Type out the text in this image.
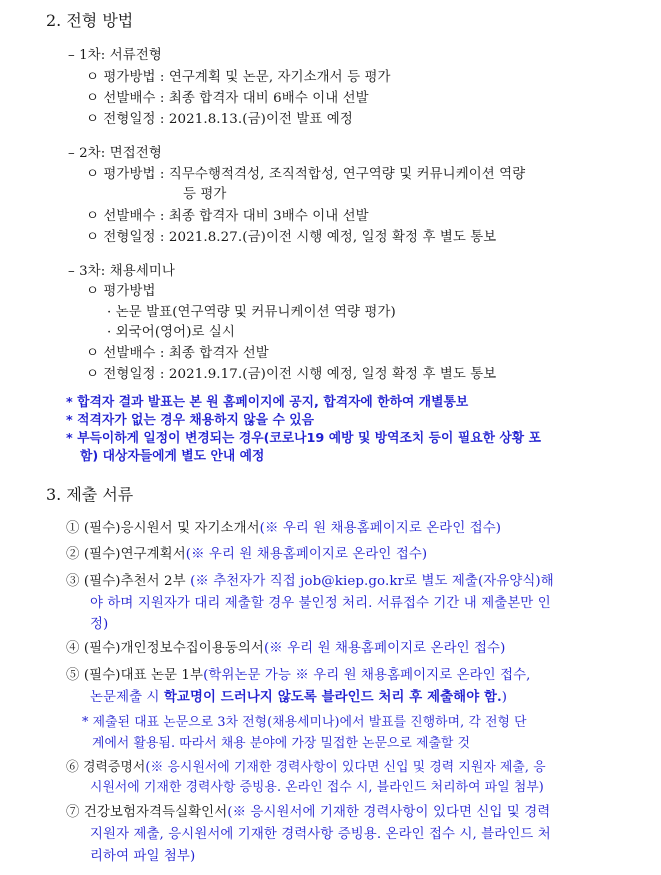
2. 전형 방법
– 1차: 서류전형
ㅇ 평가방법 : 연구계획 및 논문, 자기소개서 등 평가
ㅇ 선발배수 : 최종 합격자 대비 6배수 이내 선발
ㅇ 전형일정 : 2021.8.13.(금)이전 발표 예정
– 2차: 면접전형
ㅇ 평가방법 : 직무수행적격성, 조직적합성, 연구역량 및 커뮤니케이션 역량
등 평가
ㅇ 선발배수 : 최종 합격자 대비 3배수 이내 선발
ㅇ 전형일정 : 2021.8.27.(금)이전 시행 예정, 일정 확정 후 별도 통보
– 3차: 채용세미나
ㅇ 평가방법
· 논문 발표(연구역량 및 커뮤니케이션 역량 평가)
· 외국어(영어)로 실시
ㅇ 선발배수 : 최종 합격자 선발
ㅇ 전형일정 : 2021.9.17.(금)이전 시행 예정, 일정 확정 후 별도 통보
* 합격자 결과 발표는 본 원 홈페이지에 공지, 합격자에 한하여 개별통보
* 적격자가 없는 경우 채용하지 않을 수 있음
* 부득이하게 일정이 변경되는 경우(코로나19 예방 및 방역조치 등이 필요한 상황 포
함) 대상자들에게 별도 안내 예정
3. 제출 서류
① (필수)응시원서 및 자기소개서(※ 우리 원 채용홈페이지로 온라인 접수)
② (필수)연구계획서(※ 우리 원 채용홈페이지로 온라인 접수)
③ (필수)추천서 2부 (※ 추천자가 직접 job@kiep.go.kr로 별도 제출(자유양식)해
야 하며 지원자가 대리 제출할 경우 불인정 처리. 서류접수 기간 내 제출본만 인
정)
④ (필수)개인정보수집이용동의서(※ 우리 원 채용홈페이지로 온라인 접수)
⑤ (필수)대표 논문 1부(학위논문 가능 ※ 우리 원 채용홈페이지로 온라인 접수,
논문제출 시 학교명이 드러나지 않도록 블라인드 처리 후 제출해야 함.)
* 제출된 대표 논문으로 3차 전형(채용세미나)에서 발표를 진행하며, 각 전형 단
계에서 활용됨. 따라서 채용 분야에 가장 밀접한 논문으로 제출할 것
⑥ 경력증명서(※ 응시원서에 기재한 경력사항이 있다면 신입 및 경력 지원자 제출, 응
시원서에 기재한 경력사항 증빙용. 온라인 접수 시, 블라인드 처리하여 파일 첨부)
⑦ 건강보험자격득실확인서(※ 응시원서에 기재한 경력사항이 있다면 신입 및 경력
지원자 제출, 응시원서에 기재한 경력사항 증빙용. 온라인 접수 시, 블라인드 처
리하여 파일 첨부)
